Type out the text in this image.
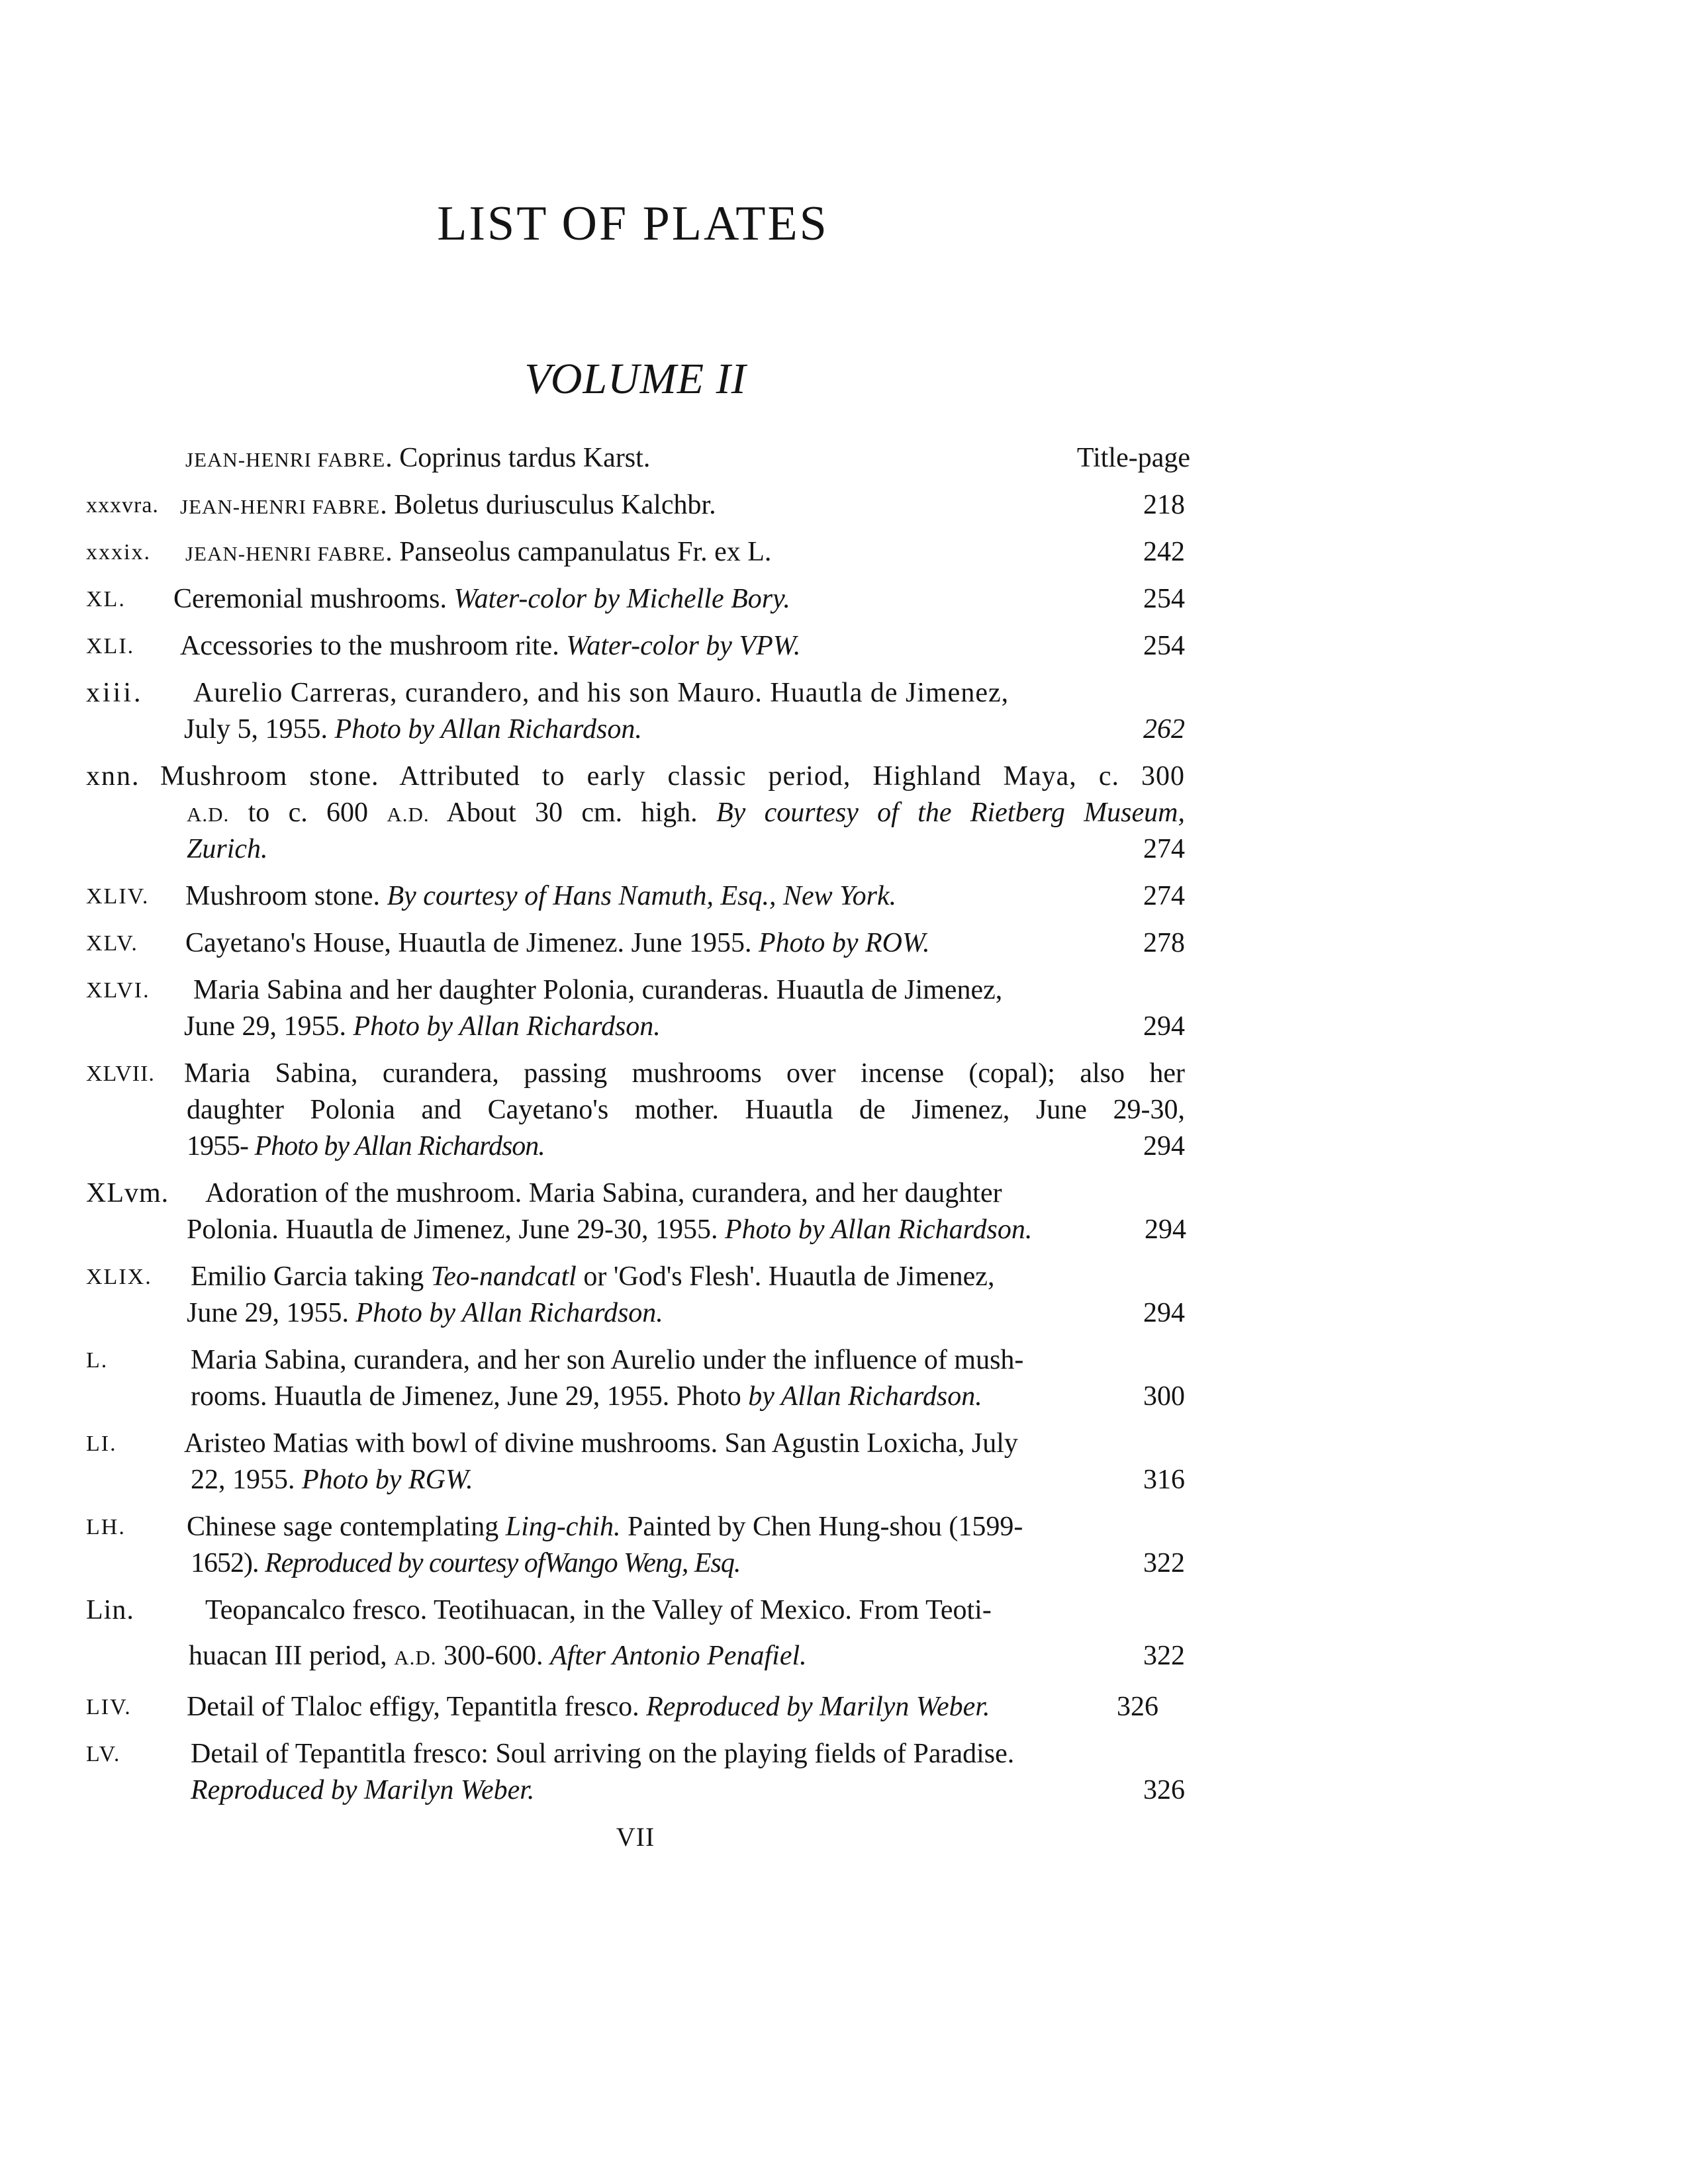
LIST OF PLATES
VOLUME II
JEAN-HENRI FABRE. Coprinus tardus Karst.	Title-page
xxxvra. JEAN-HENRI FABRE. Boletus duriusculus Kalchbr.	218
xxxix. JEAN-HENRI FABRE. Panseolus campanulatus Fr. ex L.	242
XL. Ceremonial mushrooms. Water-color by Michelle Bory.	254
XLI. Accessories to the mushroom rite. Water-color by VPW.	254
xiii. Aurelio Carreras, curandero, and his son Mauro. Huautla de Jimenez,
July 5, 1955. Photo by Allan Richardson.	262
xnn. Mushroom stone. Attributed to early classic period, Highland Maya, c. 300
A.D. to c. 600 A.D. About 30 cm. high. By courtesy of the Rietberg Museum,
Zurich.	274
XLIV. Mushroom stone. By courtesy of Hans Namuth, Esq., New York.	274
XLV. Cayetano's House, Huautla de Jimenez. June 1955. Photo by ROW.	278
XLVI. Maria Sabina and her daughter Polonia, curanderas. Huautla de Jimenez,
June 29, 1955. Photo by Allan Richardson.	294
XLVII. Maria Sabina, curandera, passing mushrooms over incense (copal); also her
daughter Polonia and Cayetano's mother. Huautla de Jimenez, June 29-30,
1955- Photo by Allan Richardson.	294
XLvm. Adoration of the mushroom. Maria Sabina, curandera, and her daughter
Polonia. Huautla de Jimenez, June 29-30, 1955. Photo by Allan Richardson.	294
XLIX. Emilio Garcia taking Teo-nandcatl or 'God's Flesh'. Huautla de Jimenez,
June 29, 1955. Photo by Allan Richardson.	294
L.	Maria Sabina, curandera, and her son Aurelio under the influence of mush-
rooms. Huautla de Jimenez, June 29, 1955. Photo by Allan Richardson.	300
LI. Aristeo Matias with bowl of divine mushrooms. San Agustin Loxicha, July
22, 1955. Photo by RGW.	316
LH. Chinese sage contemplating Ling-chih. Painted by Chen Hung-shou (1599-
1652). Reproduced by courtesy ofWango Weng, Esq.	322
Lin.	Teopancalco fresco. Teotihuacan, in the Valley of Mexico. From Teoti-
huacan III period, A.D. 300-600. After Antonio Penafiel.	322
LIV. Detail of Tlaloc effigy, Tepantitla fresco. Reproduced by Marilyn Weber.	326
LV.	Detail of Tepantitla fresco: Soul arriving on the playing fields of Paradise.
Reproduced by Marilyn Weber.	326
VII
